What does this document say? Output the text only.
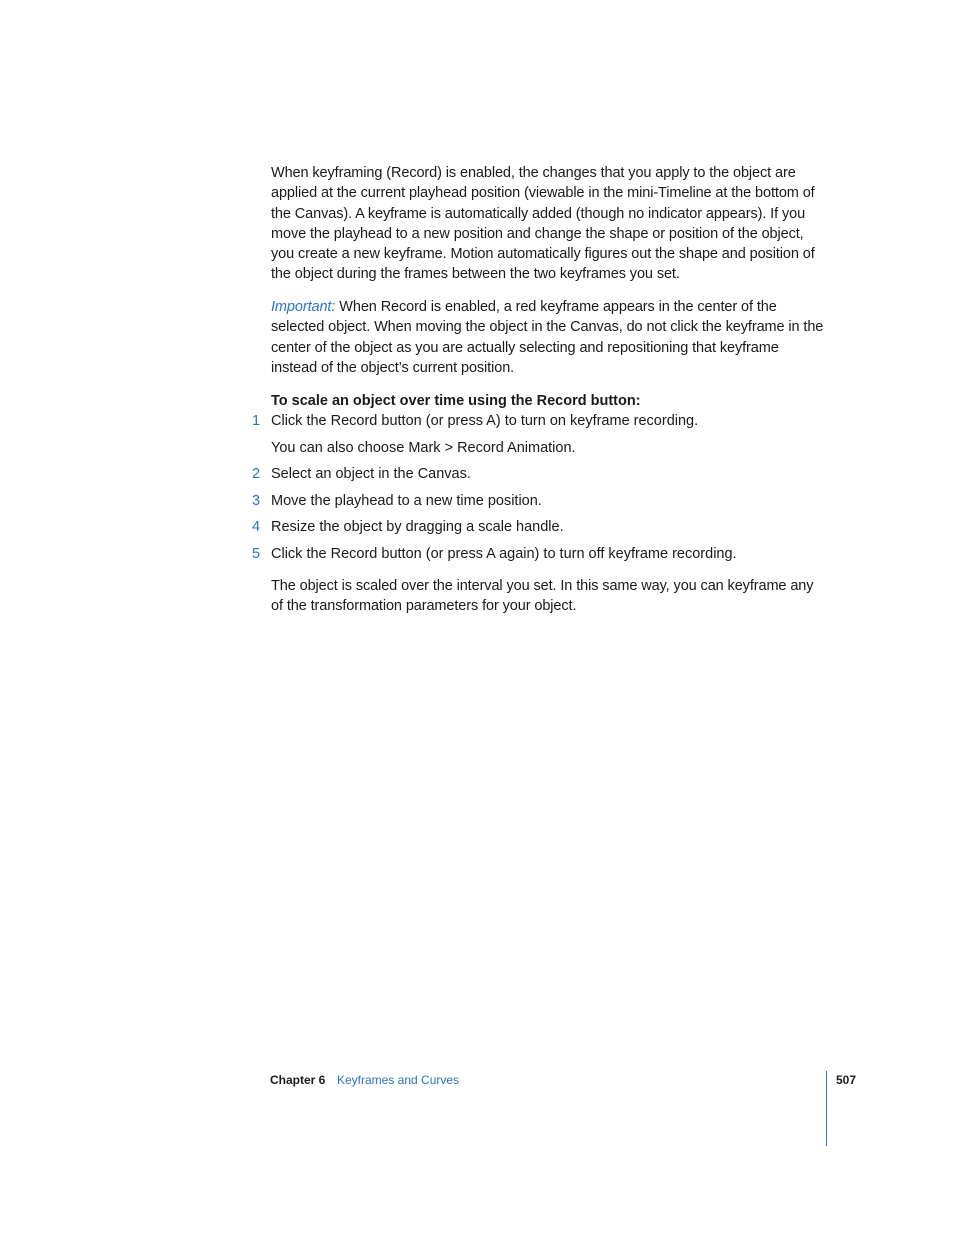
When keyframing (Record) is enabled, the changes that you apply to the object are applied at the current playhead position (viewable in the mini-Timeline at the bottom of the Canvas). A keyframe is automatically added (though no indicator appears). If you move the playhead to a new position and change the shape or position of the object, you create a new keyframe. Motion automatically figures out the shape and position of the object during the frames between the two keyframes you set.

Important: When Record is enabled, a red keyframe appears in the center of the selected object. When moving the object in the Canvas, do not click the keyframe in the center of the object as you are actually selecting and repositioning that keyframe instead of the object’s current position.

To scale an object over time using the Record button:
1 Click the Record button (or press A) to turn on keyframe recording.
You can also choose Mark > Record Animation.
2 Select an object in the Canvas.
3 Move the playhead to a new time position.
4 Resize the object by dragging a scale handle.
5 Click the Record button (or press A again) to turn off keyframe recording.

The object is scaled over the interval you set. In this same way, you can keyframe any of the transformation parameters for your object.

Chapter 6 Keyframes and Curves	507
